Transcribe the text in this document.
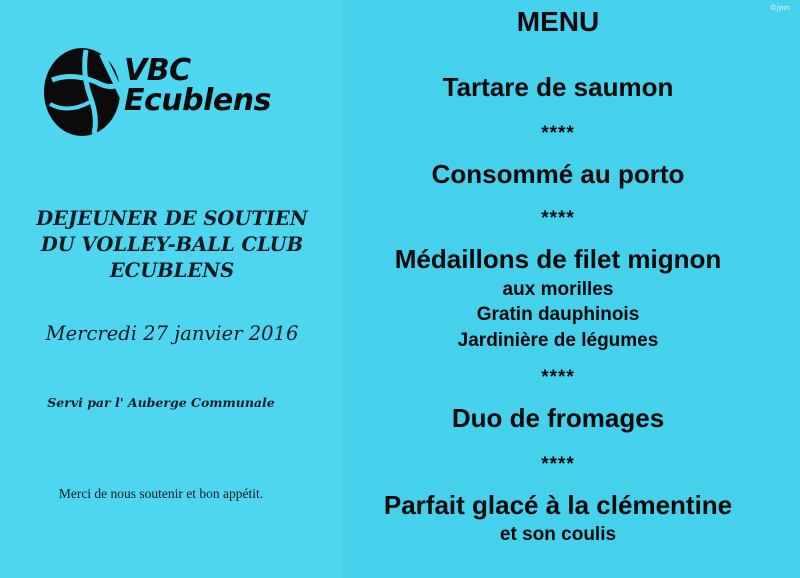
VBC
Ecublens
DEJEUNER DE SOUTIEN
DU VOLLEY-BALL CLUB
ECUBLENS
Mercredi 27 janvier 2016
Servi par l' Auberge Communale
Merci de nous soutenir et bon appétit.
MENU
Tartare de saumon
****
Consommé au porto
****
Médaillons de filet mignon
aux morilles
Gratin dauphinois
Jardinière de légumes
****
Duo de fromages
****
Parfait glacé à la clémentine
et son coulis
©jpm
